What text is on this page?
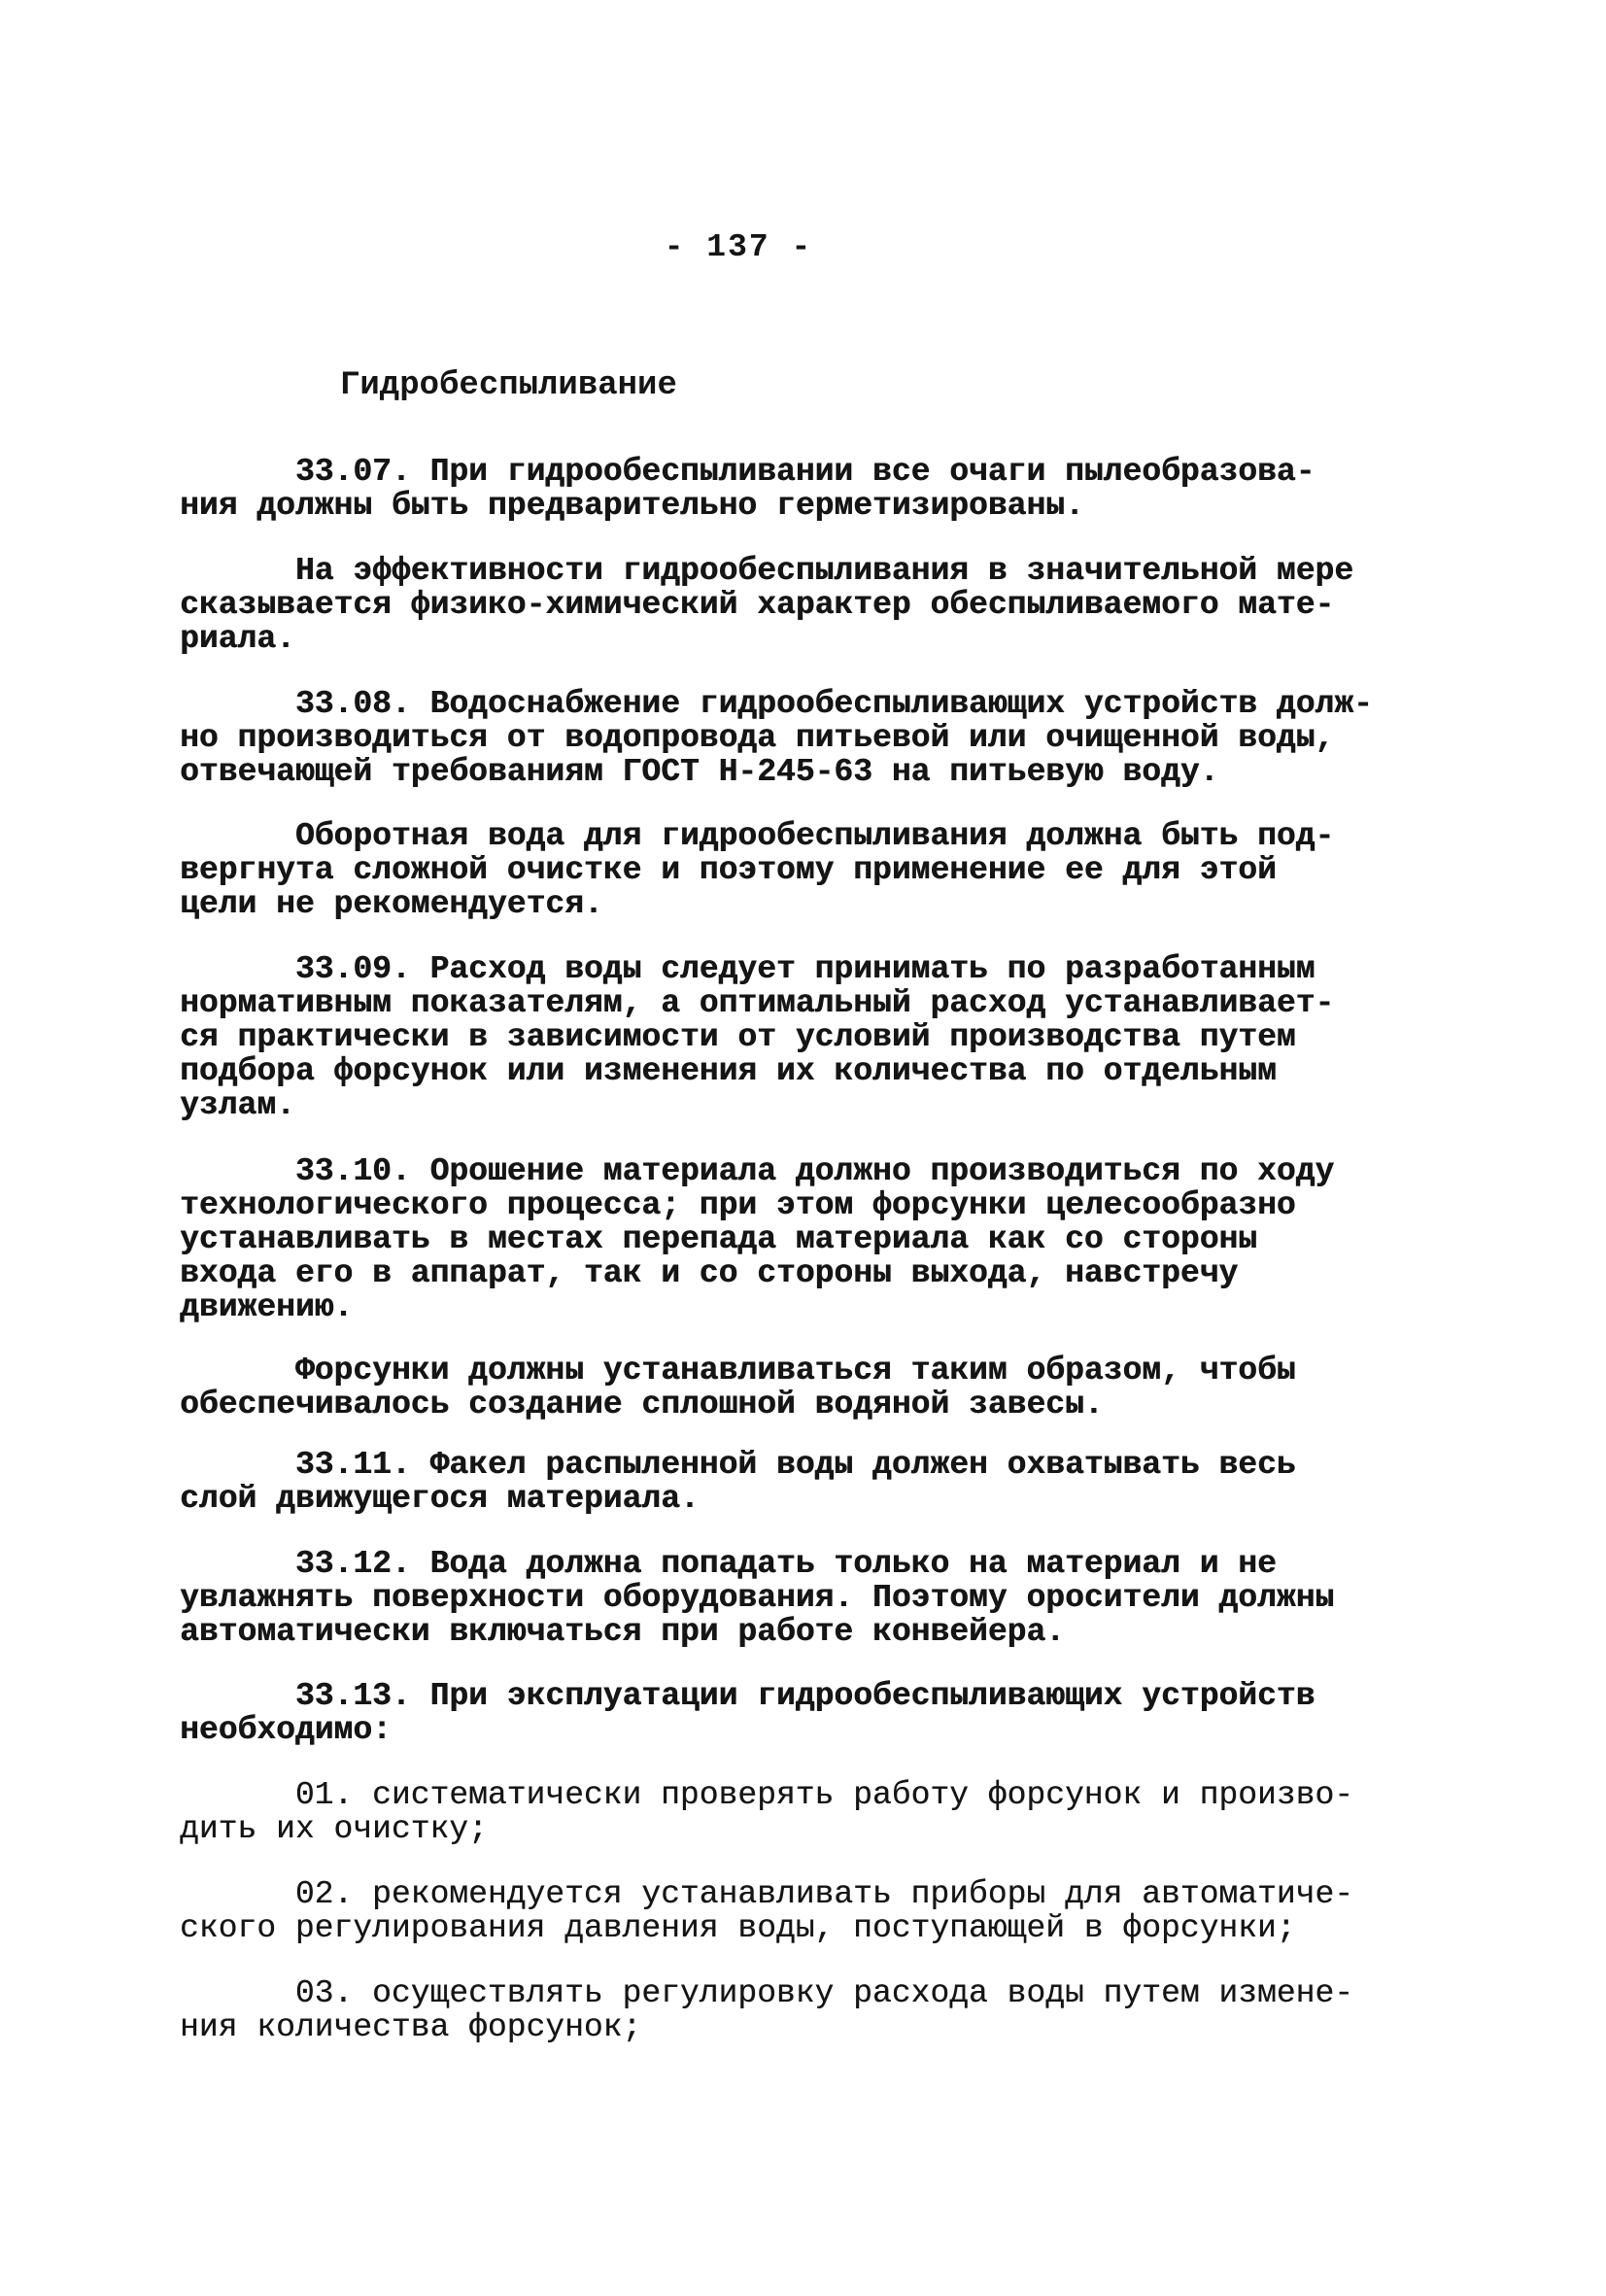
- 137 -
Гидробеспыливание
33.07. При гидрообеспыливании все очаги пылеобразова-
ния должны быть предварительно герметизированы.
На эффективности гидрообеспыливания в значительной мере
сказывается физико-химический характер обеспыливаемого мате-
риала.
33.08. Водоснабжение гидрообеспыливающих устройств долж-
но производиться от водопровода питьевой или очищенной воды,
отвечающей требованиям ГОСТ Н-245-63 на питьевую воду.
Оборотная вода для гидрообеспыливания должна быть под-
вергнута сложной очистке и поэтому применение ее для этой
цели не рекомендуется.
33.09. Расход воды следует принимать по разработанным
нормативным показателям, а оптимальный расход устанавливает-
ся практически в зависимости от условий производства путем
подбора форсунок или изменения их количества по отдельным
узлам.
33.10. Орошение материала должно производиться по ходу
технологического процесса; при этом форсунки целесообразно
устанавливать в местах перепада материала как со стороны
входа его в аппарат, так и со стороны выхода, навстречу
движению.
Форсунки должны устанавливаться таким образом, чтобы
обеспечивалось создание сплошной водяной завесы.
33.11. Факел распыленной воды должен охватывать весь
слой движущегося материала.
33.12. Вода должна попадать только на материал и не
увлажнять поверхности оборудования. Поэтому оросители должны
автоматически включаться при работе конвейера.
33.13. При эксплуатации гидрообеспыливающих устройств
необходимо:
01. систематически проверять работу форсунок и произво-
дить их очистку;
02. рекомендуется устанавливать приборы для автоматиче-
ского регулирования давления воды, поступающей в форсунки;
03. осуществлять регулировку расхода воды путем измене-
ния количества форсунок;
